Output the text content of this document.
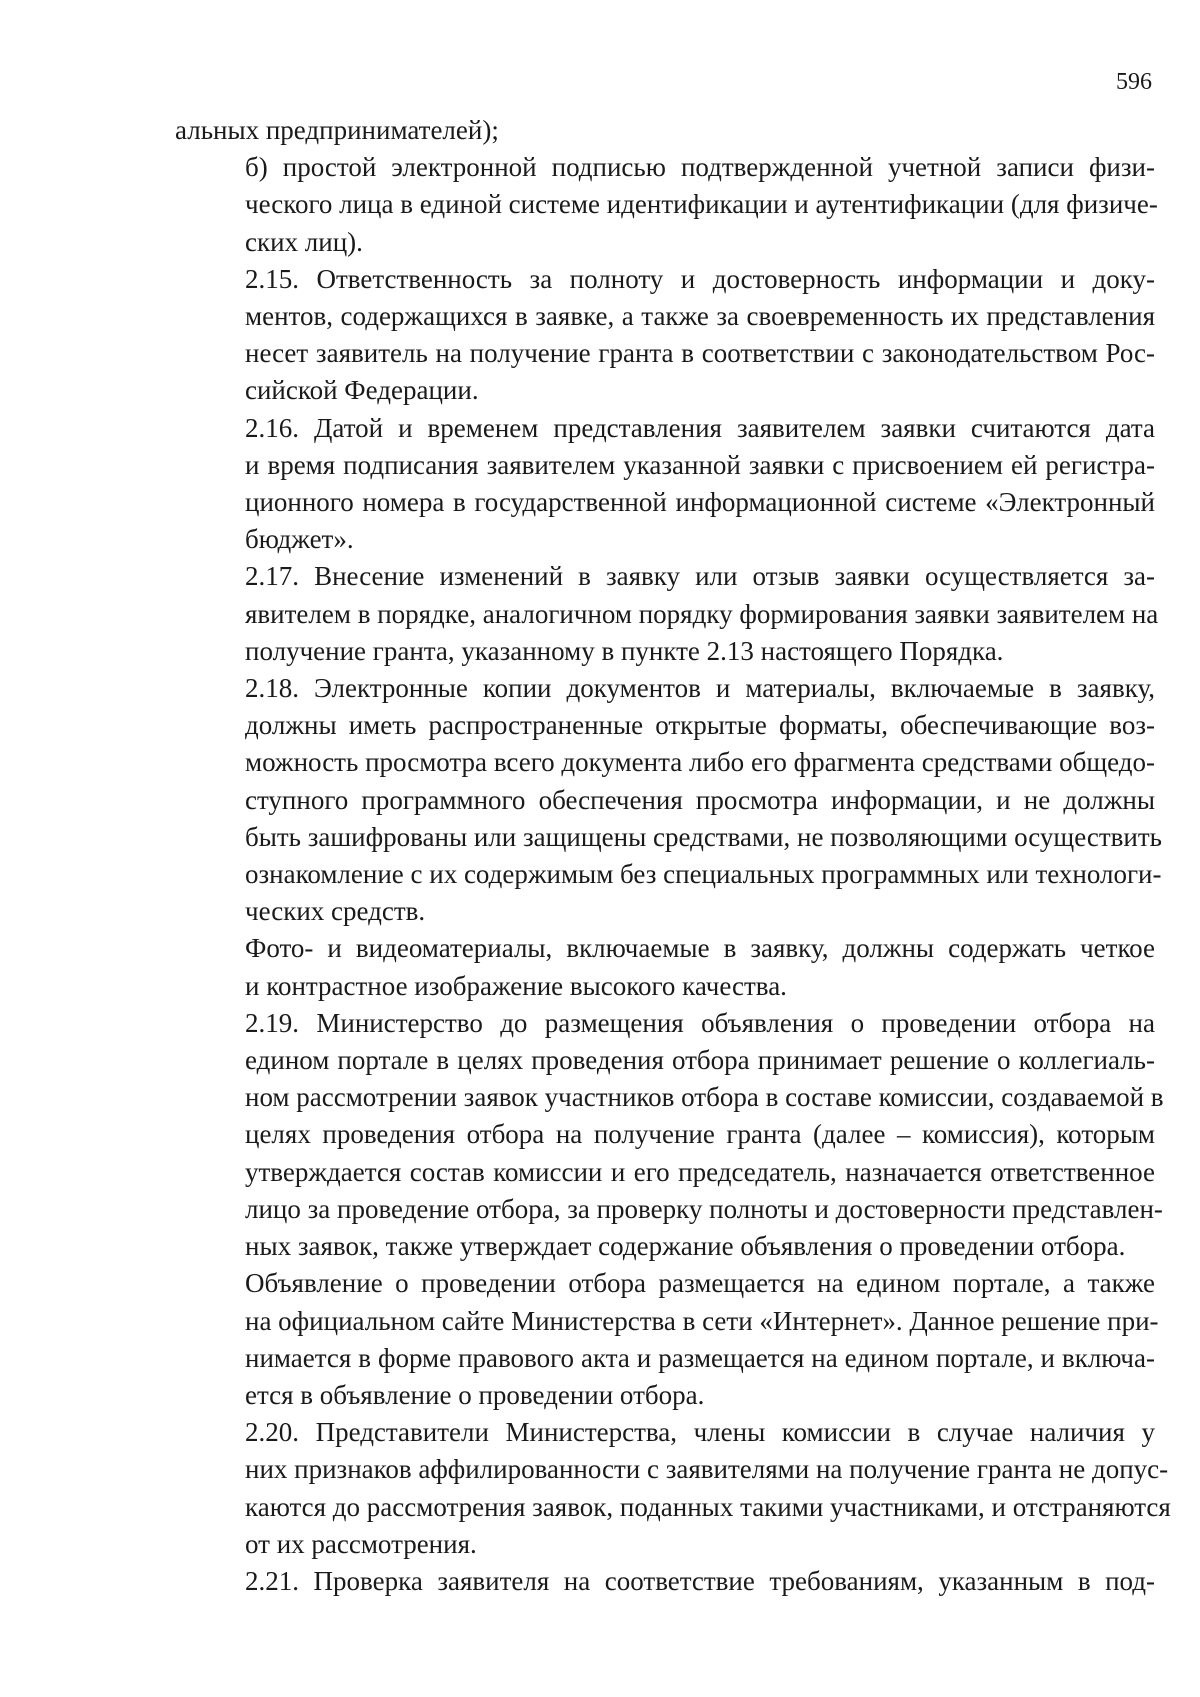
596

альных предпринимателей);

б) простой электронной подписью подтвержденной учетной записи физи-
ческого лица в единой системе идентификации и аутентификации (для физиче-
ских лиц).

2.15. Ответственность за полноту и достоверность информации и доку-
ментов, содержащихся в заявке, а также за своевременность их представления
несет заявитель на получение гранта в соответствии с законодательством Рос-
сийской Федерации.

2.16. Датой и временем представления заявителем заявки считаются дата
и время подписания заявителем указанной заявки с присвоением ей регистра-
ционного номера в государственной информационной системе «Электронный
бюджет».

2.17. Внесение изменений в заявку или отзыв заявки осуществляется за-
явителем в порядке, аналогичном порядку формирования заявки заявителем на
получение гранта, указанному в пункте 2.13 настоящего Порядка.

2.18. Электронные копии документов и материалы, включаемые в заявку,
должны иметь распространенные открытые форматы, обеспечивающие воз-
можность просмотра всего документа либо его фрагмента средствами общедо-
ступного программного обеспечения просмотра информации, и не должны
быть зашифрованы или защищены средствами, не позволяющими осуществить
ознакомление с их содержимым без специальных программных или технологи-
ческих средств.

Фото- и видеоматериалы, включаемые в заявку, должны содержать четкое
и контрастное изображение высокого качества.

2.19. Министерство до размещения объявления о проведении отбора на
едином портале в целях проведения отбора принимает решение о коллегиаль-
ном рассмотрении заявок участников отбора в составе комиссии, создаваемой в
целях проведения отбора на получение гранта (далее – комиссия), которым
утверждается состав комиссии и его председатель, назначается ответственное
лицо за проведение отбора, за проверку полноты и достоверности представлен-
ных заявок, также утверждает содержание объявления о проведении отбора.

Объявление о проведении отбора размещается на едином портале, а также
на официальном сайте Министерства в сети «Интернет». Данное решение при-
нимается в форме правового акта и размещается на едином портале, и включа-
ется в объявление о проведении отбора.

2.20. Представители Министерства, члены комиссии в случае наличия у
них признаков аффилированности с заявителями на получение гранта не допус-
каются до рассмотрения заявок, поданных такими участниками, и отстраняются
от их рассмотрения.

2.21. Проверка заявителя на соответствие требованиям, указанным в под-
